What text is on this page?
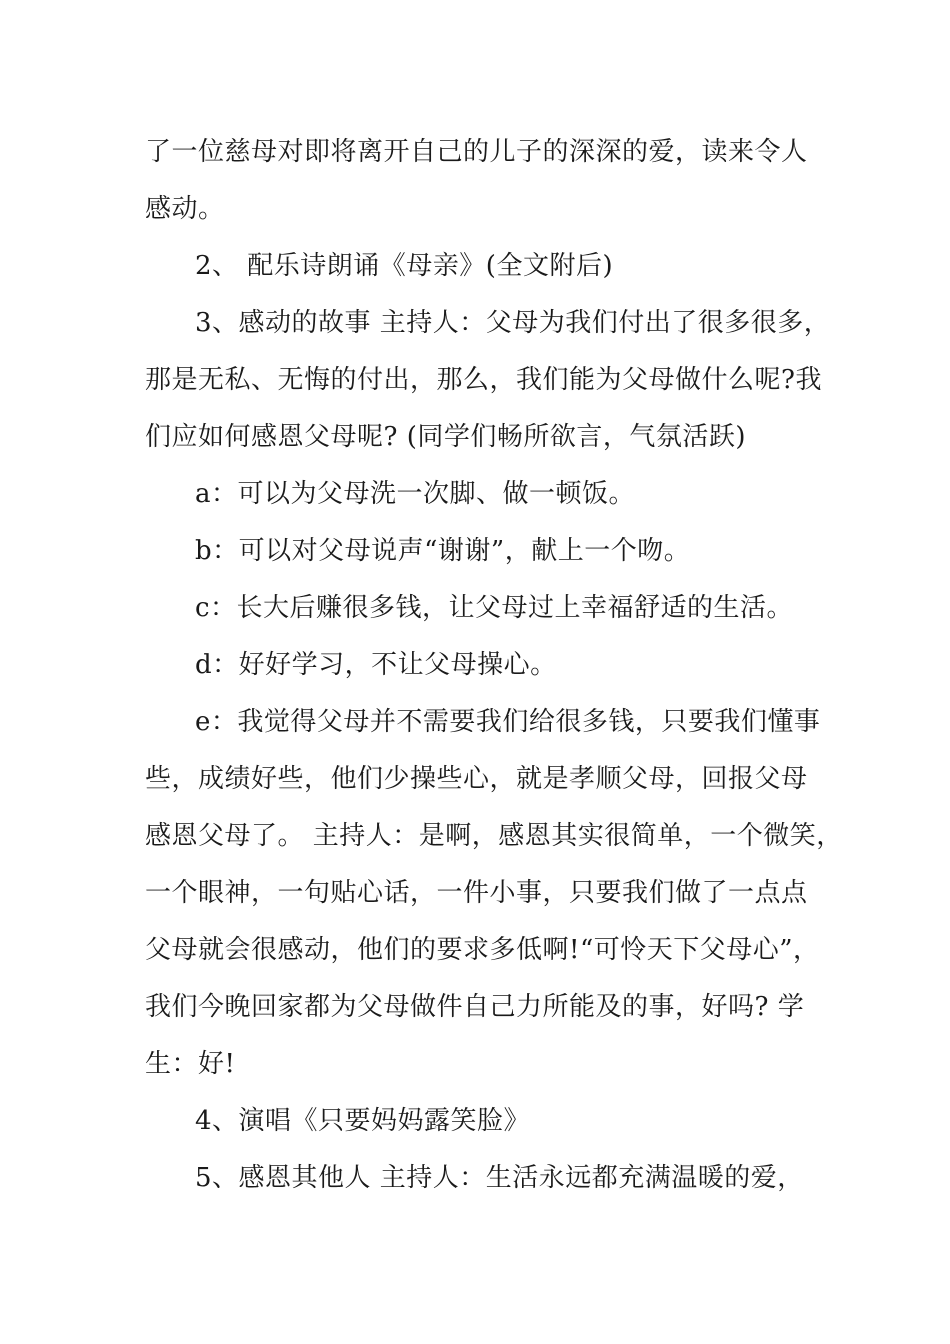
了一位慈母对即将离开自己的儿子的深深的爱，读来令人
感动。
2、 配乐诗朗诵《母亲》(全文附后)
3、感动的故事 主持人：父母为我们付出了很多很多，
那是无私、无悔的付出，那么，我们能为父母做什么呢?我
们应如何感恩父母呢? (同学们畅所欲言，气氛活跃)
a：可以为父母洗一次脚、做一顿饭。
b：可以对父母说声“谢谢”，献上一个吻。
c：长大后赚很多钱，让父母过上幸福舒适的生活。
d：好好学习，不让父母操心。
e：我觉得父母并不需要我们给很多钱，只要我们懂事
些，成绩好些，他们少操些心，就是孝顺父母，回报父母
感恩父母了。 主持人：是啊，感恩其实很简单，一个微笑，
一个眼神，一句贴心话，一件小事，只要我们做了一点点
父母就会很感动，他们的要求多低啊!“可怜天下父母心”，
我们今晚回家都为父母做件自己力所能及的事，好吗? 学
生：好!
4、演唱《只要妈妈露笑脸》
5、感恩其他人 主持人：生活永远都充满温暖的爱，
